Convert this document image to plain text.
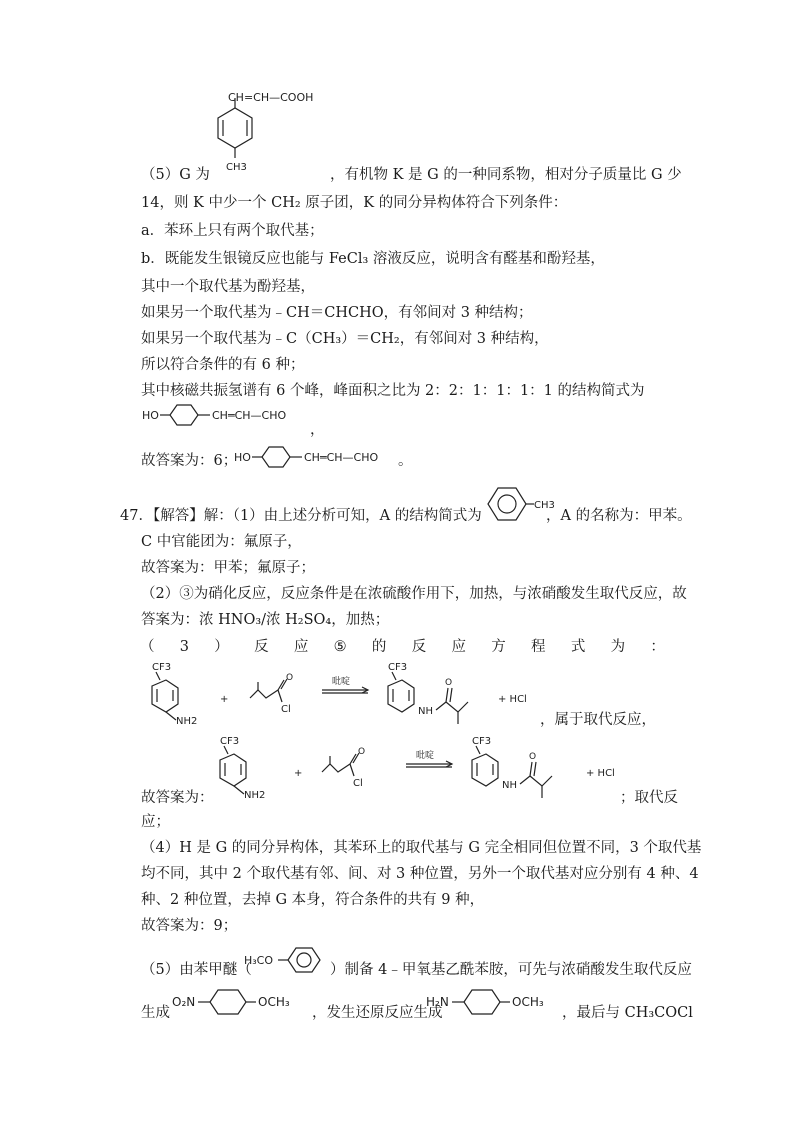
CH=CH—COOH
CH3
（5）G 为	，有机物 K 是 G 的一种同系物，相对分子质量比 G 少
14，则 K 中少一个 CH₂ 原子团，K 的同分异构体符合下列条件：
a．苯环上只有两个取代基；
b．既能发生银镜反应也能与 FeCl₃ 溶液反应，说明含有醛基和酚羟基，
其中一个取代基为酚羟基，
如果另一个取代基为﹣CH＝CHCHO，有邻间对 3 种结构；
如果另一个取代基为﹣C（CH₃）＝CH₂，有邻间对 3 种结构，
所以符合条件的有 6 种；
其中核磁共振氢谱有 6 个峰，峰面积之比为 2：2：1：1：1：1 的结构简式为
HO	CH═CH—CHO
，
故答案为：6；
HO	CH═CH—CHO 。
47．【解答】解：（1）由上述分析可知，A 的结构简式为
CH3
，A 的名称为：甲苯。
C 中官能团为：氟原子，
故答案为：甲苯；氟原子；
（2）③为硝化反应，反应条件是在浓硫酸作用下，加热，与浓硝酸发生取代反应，故
答案为：浓 HNO₃/浓 H₂SO₄，加热；
（ 3 ） 反 应 ⑤ 的 反 应 方 程 式 为 ：
CF3
NH2
+
O
Cl
吡啶
CF3
NH
O
+ HCl
，属于取代反应，
故答案为：
CF3
NH2
+
O
Cl
吡啶
CF3
NH
O
+ HCl
；取代反
应；
（4）H 是 G 的同分异构体，其苯环上的取代基与 G 完全相同但位置不同，3 个取代基
均不同，其中 2 个取代基有邻、间、对 3 种位置，另外一个取代基对应分别有 4 种、4
种、2 种位置，去掉 G 本身，符合条件的共有 9 种，
故答案为：9；
（5）由苯甲醚（
H₃CO
）制备 4﹣甲氧基乙酰苯胺，可先与浓硝酸发生取代反应
生成
O₂N	OCH₃
，发生还原反应生成
H₂N	OCH₃
，最后与 CH₃COCl
